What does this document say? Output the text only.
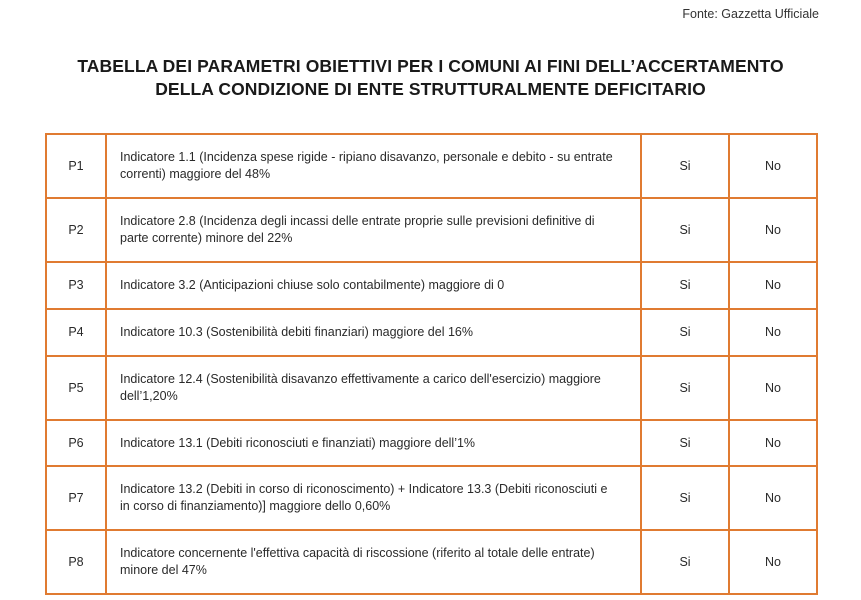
Fonte: Gazzetta Ufficiale
TABELLA DEI PARAMETRI OBIETTIVI PER I COMUNI AI FINI DELL’ACCERTAMENTO
DELLA CONDIZIONE DI ENTE STRUTTURALMENTE DEFICITARIO
P1	Indicatore 1.1 (Incidenza spese rigide - ripiano disavanzo, personale e debito - su entrate correnti) maggiore del 48%	Si	No
P2	Indicatore 2.8 (Incidenza degli incassi delle entrate proprie sulle previsioni definitive di parte corrente) minore del 22%	Si	No
P3	Indicatore 3.2 (Anticipazioni chiuse solo contabilmente) maggiore di 0	Si	No
P4	Indicatore 10.3 (Sostenibilità debiti finanziari) maggiore del 16%	Si	No
P5	Indicatore 12.4 (Sostenibilità disavanzo effettivamente a carico dell'esercizio) maggiore dell’1,20%	Si	No
P6	Indicatore 13.1 (Debiti riconosciuti e finanziati) maggiore dell’1%	Si	No
P7	Indicatore 13.2 (Debiti in corso di riconoscimento) + Indicatore 13.3 (Debiti riconosciuti e in corso di finanziamento)] maggiore dello 0,60%	Si	No
P8	Indicatore concernente l'effettiva capacità di riscossione (riferito al totale delle entrate) minore del 47%	Si	No
